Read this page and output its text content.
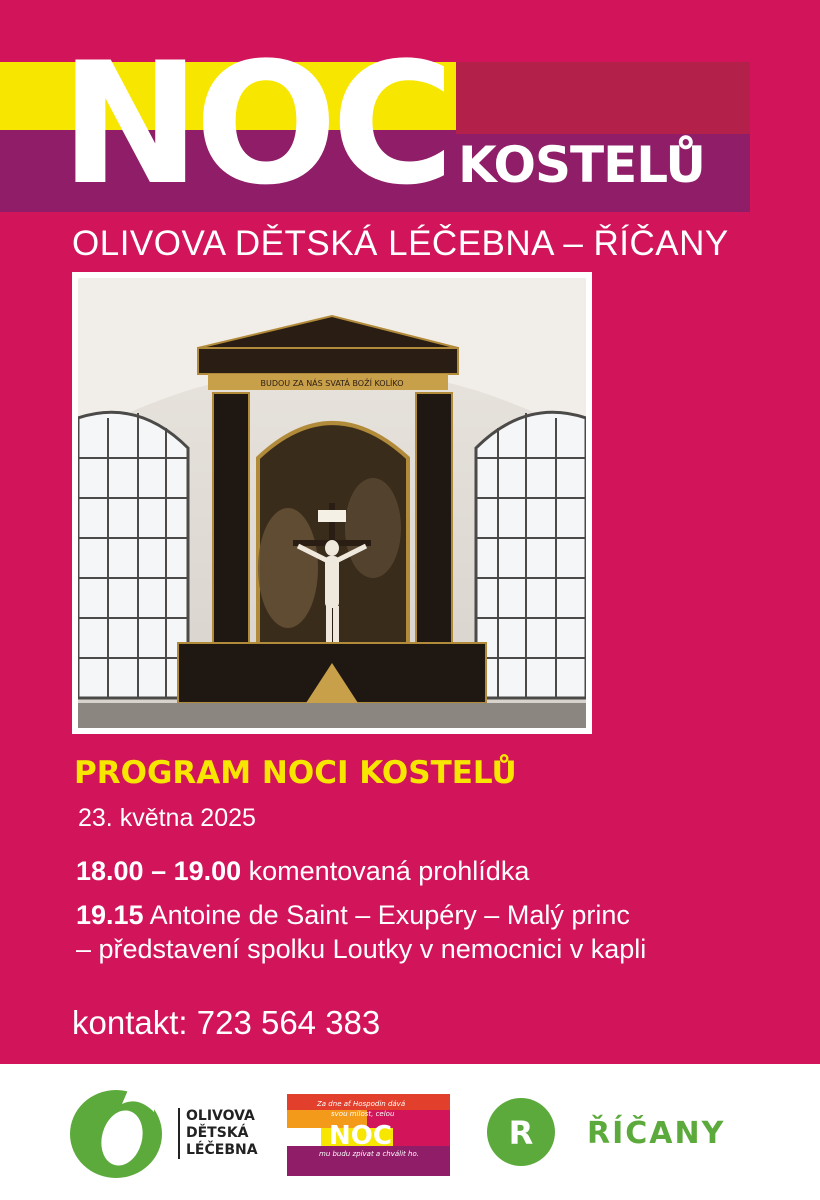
NOC KOSTELŮ
OLIVOVA DĚTSKÁ LÉČEBNA – ŘÍČANY
BUDOU ZA NÁS SVATÁ BOŽÍ KOLÍKO
PROGRAM NOCI KOSTELŮ
23. května 2025
18.00 – 19.00 komentovaná prohlídka
19.15 Antoine de Saint – Exupéry – Malý princ
– představení spolku Loutky v nemocnici v kapli
kontakt: 723 564 383
OLIVOVA
DĚTSKÁ
LÉČEBNA
Za dne ať Hospodin dává
svou milost, celou
NOC
mu budu zpívat a chválit ho.
R ŘÍČANY
